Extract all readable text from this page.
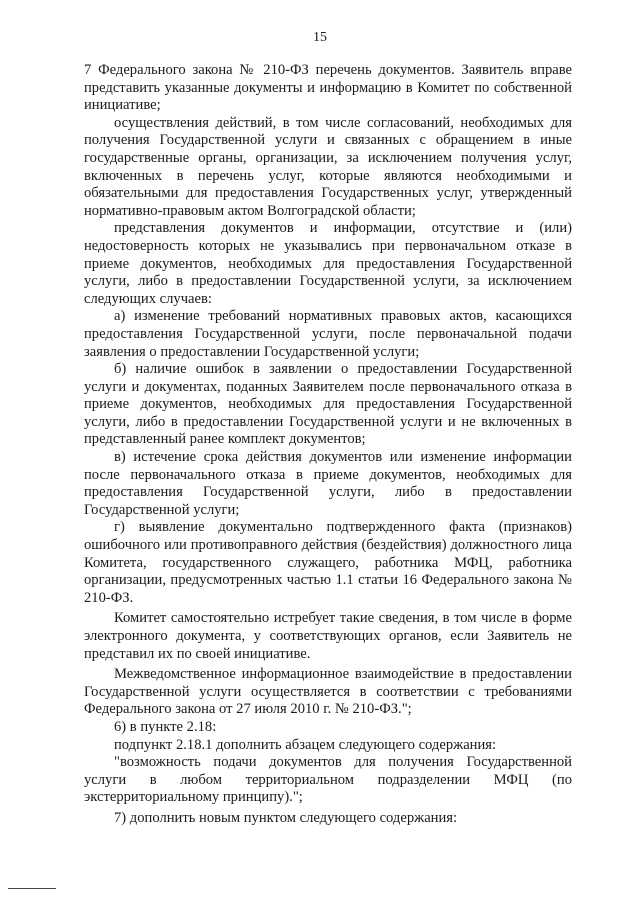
15

7 Федерального закона № 210-ФЗ перечень документов. Заявитель вправе представить указанные документы и информацию в Комитет по собственной инициативе;

осуществления действий, в том числе согласований, необходимых для получения Государственной услуги и связанных с обращением в иные государственные органы, организации, за исключением получения услуг, включенных в перечень услуг, которые являются необходимыми и обязательными для предоставления Государственных услуг, утвержденный нормативно-правовым актом Волгоградской области;

представления документов и информации, отсутствие и (или) недостоверность которых не указывались при первоначальном отказе в приеме документов, необходимых для предоставления Государственной услуги, либо в предоставлении Государственной услуги, за исключением следующих случаев:

а) изменение требований нормативных правовых актов, касающихся предоставления Государственной услуги, после первоначальной подачи заявления о предоставлении Государственной услуги;

б) наличие ошибок в заявлении о предоставлении Государственной услуги и документах, поданных Заявителем после первоначального отказа в приеме документов, необходимых для предоставления Государственной услуги, либо в предоставлении Государственной услуги и не включенных в представленный ранее комплект документов;

в) истечение срока действия документов или изменение информации после первоначального отказа в приеме документов, необходимых для предоставления Государственной услуги, либо в предоставлении Государственной услуги;

г) выявление документально подтвержденного факта (признаков) ошибочного или противоправного действия (бездействия) должностного лица Комитета, государственного служащего, работника МФЦ, работника организации, предусмотренных частью 1.1 статьи 16 Федерального закона № 210-ФЗ.

Комитет самостоятельно истребует такие сведения, в том числе в форме электронного документа, у соответствующих органов, если Заявитель не представил их по своей инициативе.

Межведомственное информационное взаимодействие в предоставлении Государственной услуги осуществляется в соответствии с требованиями Федерального закона от 27 июля 2010 г. № 210-ФЗ.";

6) в пункте 2.18:

подпункт 2.18.1 дополнить абзацем следующего содержания:

"возможность подачи документов для получения Государственной услуги в любом территориальном подразделении МФЦ (по экстерриториальному принципу).";

7) дополнить новым пунктом следующего содержания:
